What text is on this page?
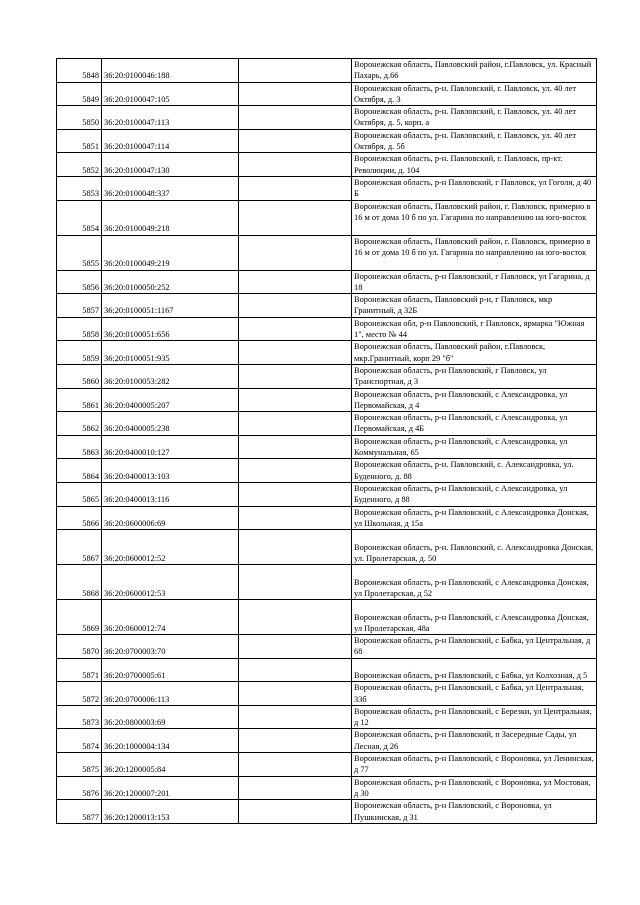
5848	36:20:0100046:188		Воронежская область, Павловский район, г.Павловск, ул. Красный Пахарь, д.66
5849	36:20:0100047:105		Воронежская область, р-н. Павловский, г. Павловск, ул. 40 лет Октября, д. 3
5850	36:20:0100047:113		Воронежская область, р-н. Павловский, г. Павловск, ул. 40 лет Октября, д. 5, корп. а
5851	36:20:0100047:114		Воронежская область, р-н. Павловский, г. Павловск, ул. 40 лет Октября, д. 5б
5852	36:20:0100047:130		Воронежская область, р-н. Павловский, г. Павловск, пр-кт. Революции, д. 104
5853	36:20:0100048:337		Воронежская область, р-н Павловский, г Павловск, ул Гоголя, д 40 Б
5854	36:20:0100049:218		Воронежская область, Павловский район, г. Павловск, примерно в 16 м от дома 10 б по ул. Гагарина по направлению на юго-восток
5855	36:20:0100049:219		Воронежская область, Павловский район, г. Павловск, примерно в 16 м от дома 10 б по ул. Гагарина по направлению на юго-восток
5856	36:20:0100050:252		Воронежская область, р-н Павловский, г Павловск, ул Гагарина, д 18
5857	36:20:0100051:1167		Воронежская область, Павловский р-н, г Павловск, мкр Гранитный, д 32Б
5858	36:20:0100051:656		Воронежская обл, р-н Павловский, г Павловск, ярмарка "Южная 1", место № 44
5859	36:20:0100051:935		Воронежская область, Павловский район, г.Павловск, мкр.Гранитный, корп 29 "б"
5860	36:20:0100053:282		Воронежская область, р-н Павловский, г Павловск, ул Транспортная, д 3
5861	36:20:0400005:207		Воронежская область, р-н Павловский, с Александровка, ул Первомайская, д 4
5862	36:20:0400005:238		Воронежская область, р-н Павловский, с Александровка, ул Первомайская, д 4Б
5863	36:20:0400010:127		Воронежская область, р-н Павловский, с Александровка, ул Коммунальная, 65
5864	36:20:0400013:103		Воронежская область, р-н. Павловский, с. Александровка, ул. Буденного, д. 88
5865	36:20:0400013:116		Воронежская область, р-н Павловский, с Александровка, ул Буденного, д 88
5866	36:20:0600006:69		Воронежская область, р-н Павловский, с Александровка Донская, ул Школьная, д 15а
5867	36:20:0600012:52		Воронежская область, р-н. Павловский, с. Александровка Донская, ул. Пролетарская, д. 50
5868	36:20:0600012:53		Воронежская область, р-н Павловский, с Александровка Донская, ул Пролетарская, д 52
5869	36:20:0600012:74		Воронежская область, р-н Павловский, с Александровка Донская, ул Пролетарская, 48а
5870	36:20:0700003:70		Воронежская область, р-н Павловский, с Бабка, ул Центральная, д 68
5871	36:20:0700005:61		Воронежская область, р-н Павловский, с Бабка, ул Колхозная, д 5
5872	36:20:0700006:113		Воронежская область, р-н Павловский, с Бабка, ул Центральная, 33б
5873	36:20:0800003:69		Воронежская область, р-н Павловский, с Березки, ул Центральная, д 12
5874	36:20:1000004:134		Воронежская область, р-н Павловский, п Засередные Сады, ул Лесная, д 26
5875	36:20:1200005:84		Воронежская область, р-н Павловский, с Вороновка, ул Ленинская, д 77
5876	36:20:1200007:201		Воронежская область, р-н Павловский, с Вороновка, ул Мостовая, д 30
5877	36:20:1200013:153		Воронежская область, р-н Павловский, с Вороновка, ул Пушкинская, д 31
